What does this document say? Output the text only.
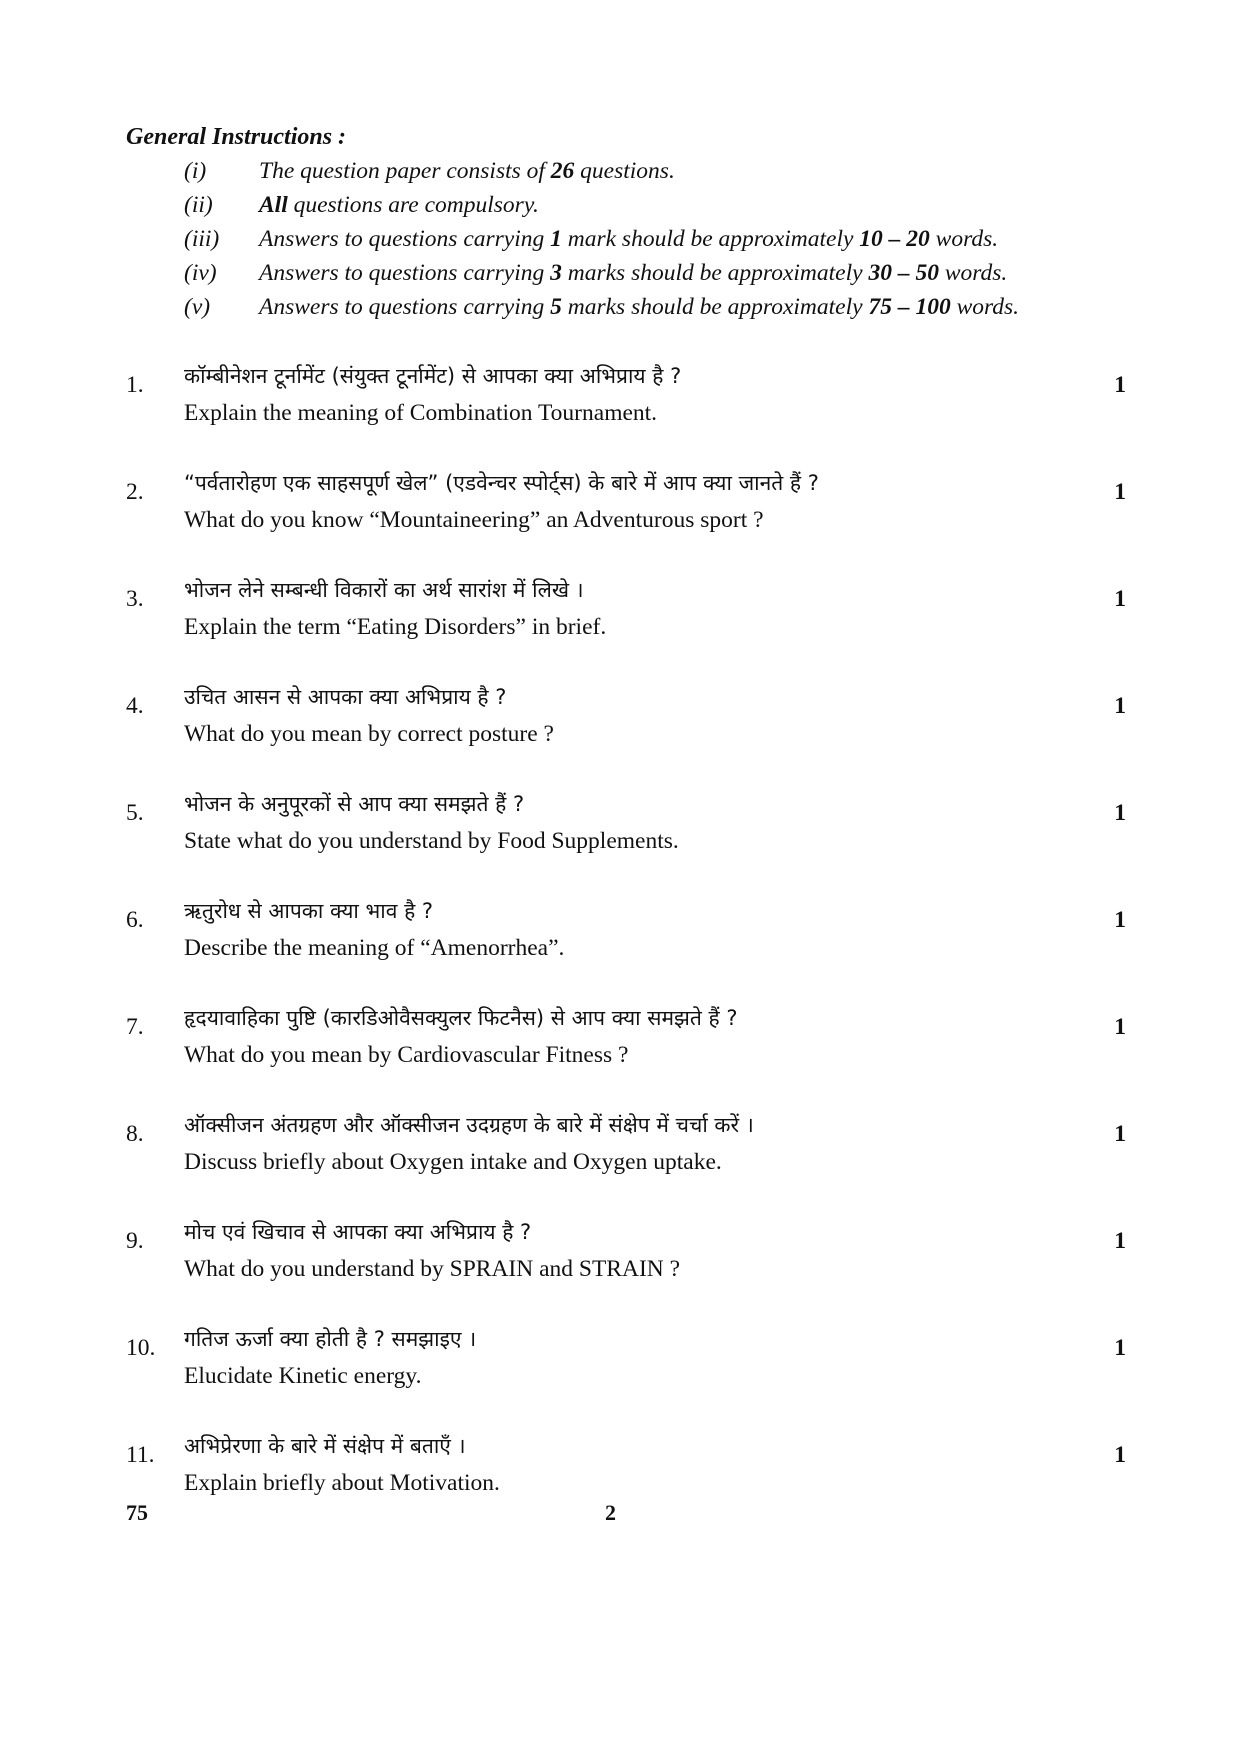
General Instructions :
(i) The question paper consists of 26 questions.
(ii) All questions are compulsory.
(iii) Answers to questions carrying 1 mark should be approximately 10 – 20 words.
(iv) Answers to questions carrying 3 marks should be approximately 30 – 50 words.
(v) Answers to questions carrying 5 marks should be approximately 75 – 100 words.
1. कॉम्बीनेशन टूर्नामेंट (संयुक्त टूर्नामेंट) से आपका क्या अभिप्राय है ?
Explain the meaning of Combination Tournament.
1
2. “पर्वतारोहण एक साहसपूर्ण खेल” (एडवेन्चर स्पोर्ट्स) के बारे में आप क्या जानते हैं ?
What do you know “Mountaineering” an Adventurous sport ?
1
3. भोजन लेने सम्बन्धी विकारों का अर्थ सारांश में लिखे ।
Explain the term “Eating Disorders” in brief.
1
4. उचित आसन से आपका क्या अभिप्राय है ?
What do you mean by correct posture ?
1
5. भोजन के अनुपूरकों से आप क्या समझते हैं ?
State what do you understand by Food Supplements.
1
6. ऋतुरोध से आपका क्या भाव है ?
Describe the meaning of “Amenorrhea”.
1
7. हृदयावाहिका पुष्टि (कारडिओवैसक्युलर फिटनैस) से आप क्या समझते हैं ?
What do you mean by Cardiovascular Fitness ?
1
8. ऑक्सीजन अंतग्रहण और ऑक्सीजन उदग्रहण के बारे में संक्षेप में चर्चा करें ।
Discuss briefly about Oxygen intake and Oxygen uptake.
1
9. मोच एवं खिचाव से आपका क्या अभिप्राय है ?
What do you understand by SPRAIN and STRAIN ?
1
10. गतिज ऊर्जा क्या होती है ? समझाइए ।
Elucidate Kinetic energy.
1
11. अभिप्रेरणा के बारे में संक्षेप में बताएँ ।
Explain briefly about Motivation.
1
75	2
